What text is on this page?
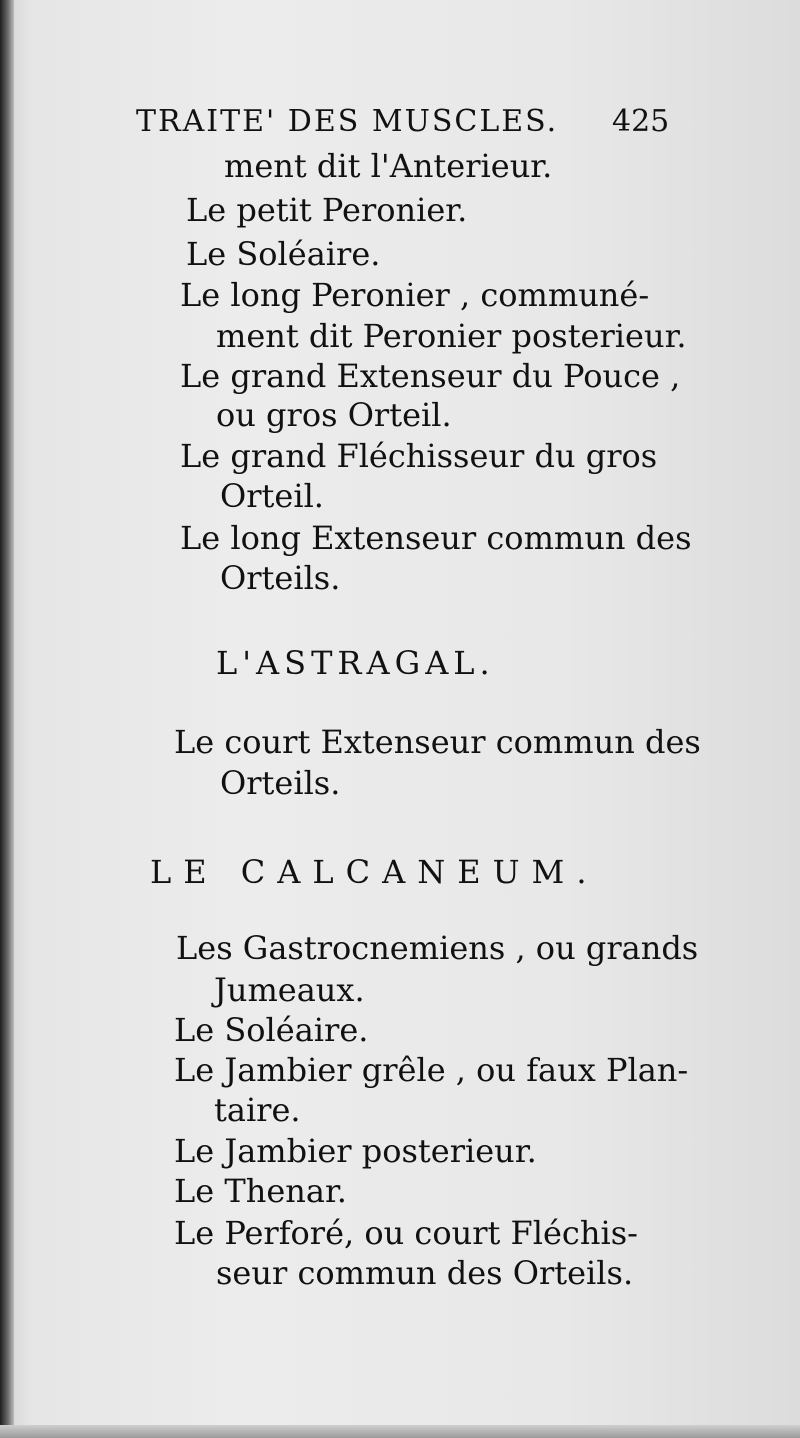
TRAITE' DES MUSCLES.	425
ment dit l'Anterieur.
Le petit Peronier.
Le Soléaire.
Le long Peronier , communé-
ment dit Peronier posterieur.
Le grand Extenseur du Pouce ,
ou gros Orteil.
Le grand Fléchisseur du gros
Orteil.
Le long Extenseur commun des
Orteils.
L'ASTRAGAL.
Le court Extenseur commun des
Orteils.
LE CALCANEUM.
Les Gastrocnemiens , ou grands
Jumeaux.
Le Soléaire.
Le Jambier grêle , ou faux Plan-
taire.
Le Jambier posterieur.
Le Thenar.
Le Perforé, ou court Fléchis-
seur commun des Orteils.
